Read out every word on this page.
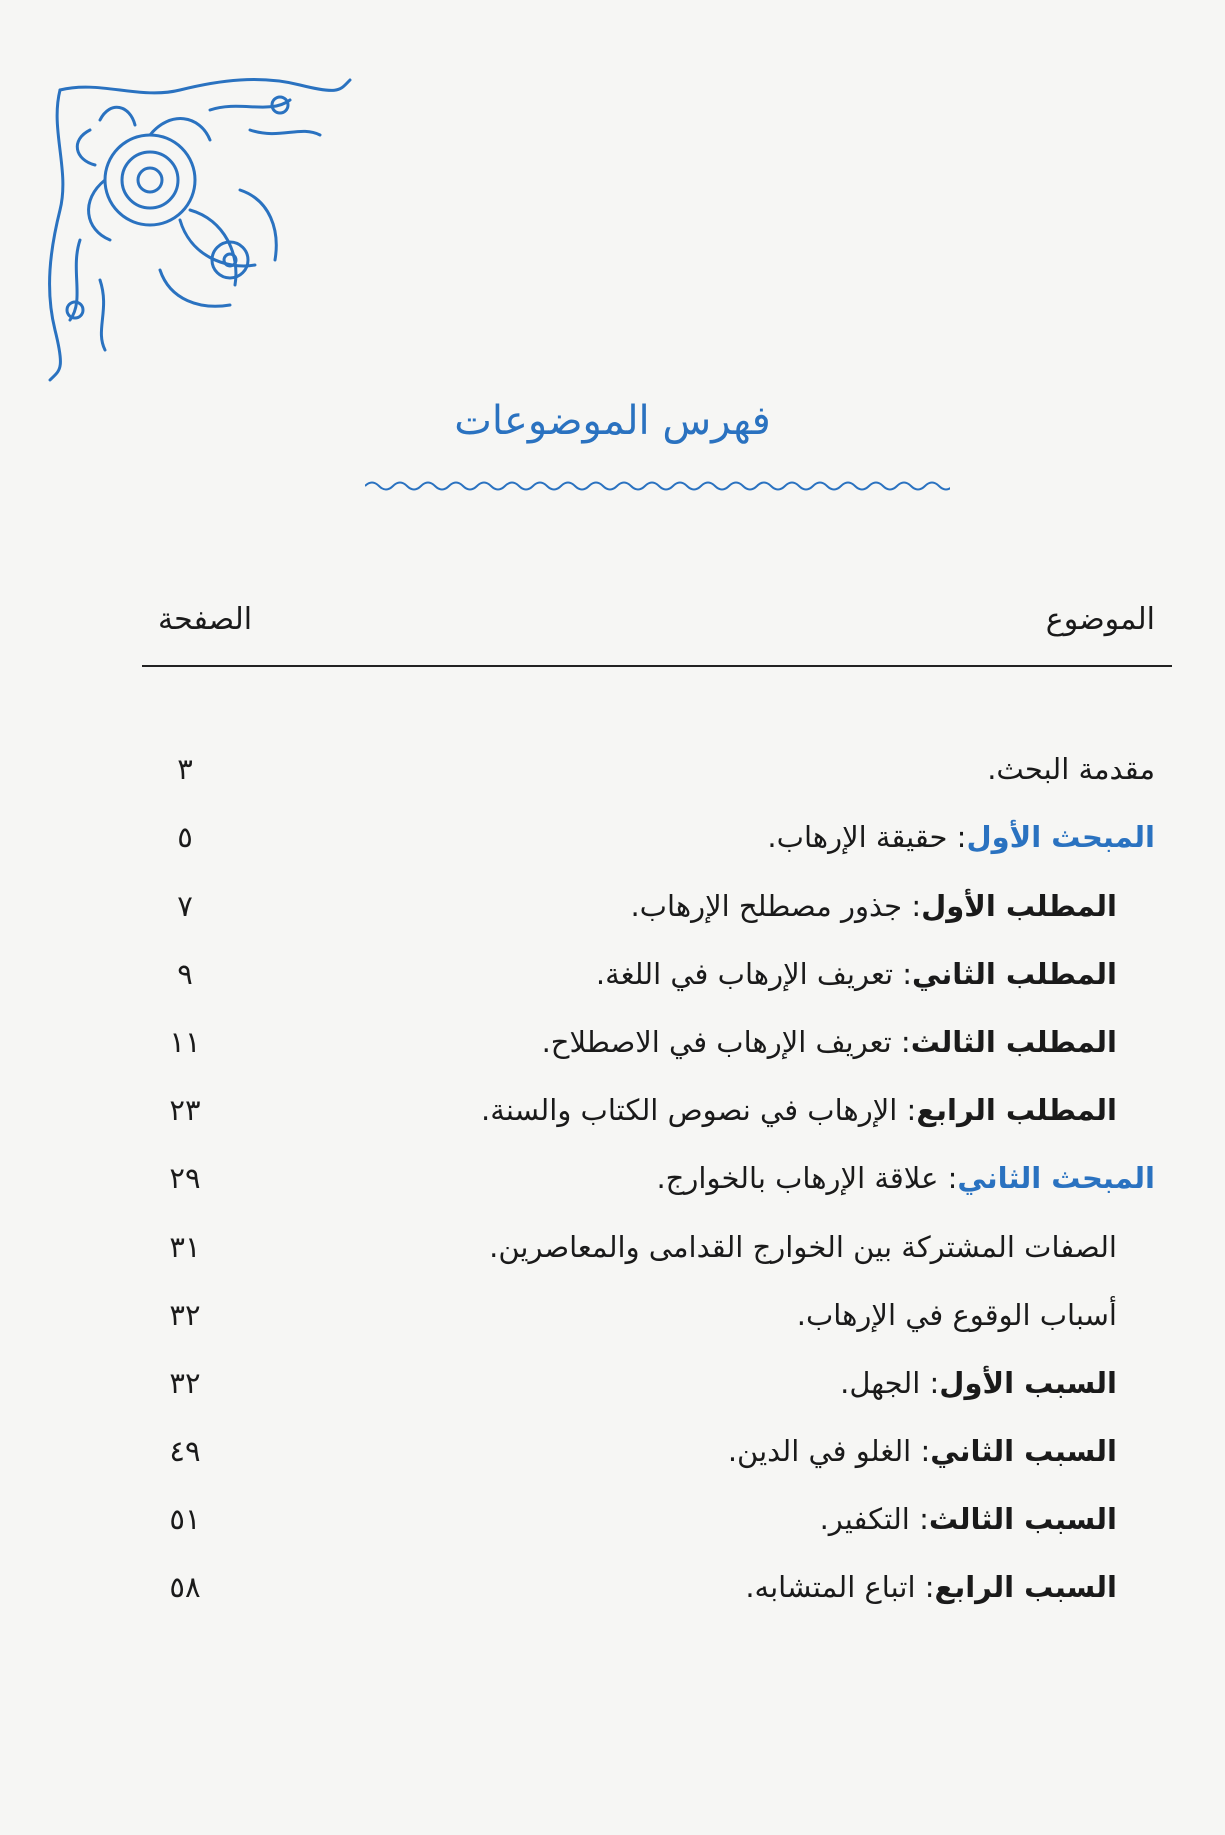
فهرس الموضوعات
الموضوع
الصفحة
مقدمة البحث.
٣
المبحث الأول: حقيقة الإرهاب.
٥
المطلب الأول: جذور مصطلح الإرهاب.
٧
المطلب الثاني: تعريف الإرهاب في اللغة.
٩
المطلب الثالث: تعريف الإرهاب في الاصطلاح.
١١
المطلب الرابع: الإرهاب في نصوص الكتاب والسنة.
٢٣
المبحث الثاني: علاقة الإرهاب بالخوارج.
٢٩
الصفات المشتركة بين الخوارج القدامى والمعاصرين.
٣١
أسباب الوقوع في الإرهاب.
٣٢
السبب الأول: الجهل.
٣٢
السبب الثاني: الغلو في الدين.
٤٩
السبب الثالث: التكفير.
٥١
السبب الرابع: اتباع المتشابه.
٥٨
